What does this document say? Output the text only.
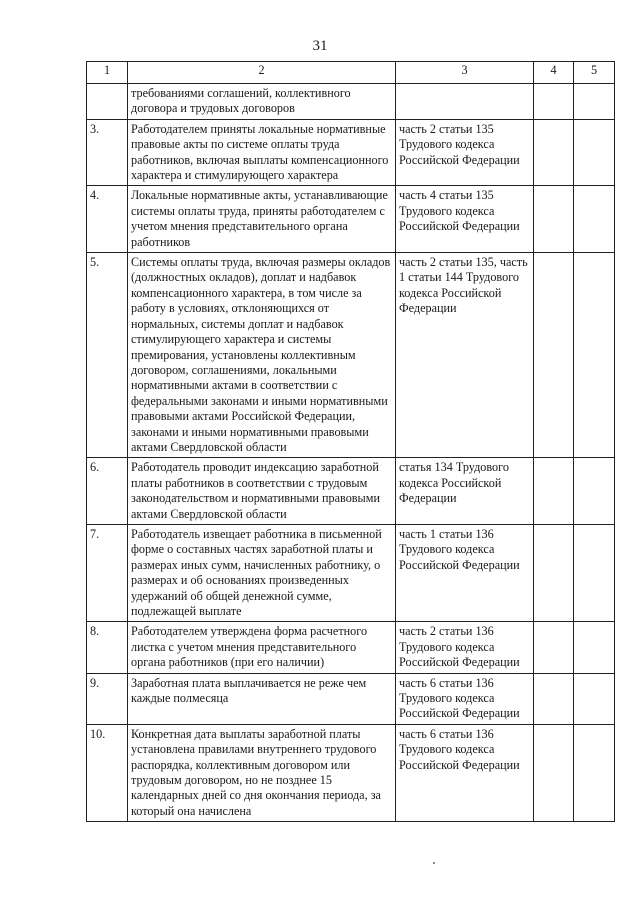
31
1	2	3	4	5
	требованиями соглашений, коллективного договора и трудовых договоров			
3.	Работодателем приняты локальные нормативные правовые акты по системе оплаты труда работников, включая выплаты компенсационного характера и стимулирующего характера	часть 2 статьи 135 Трудового кодекса Российской Федерации		
4.	Локальные нормативные акты, устанавливающие системы оплаты труда, приняты работодателем с учетом мнения представительного органа работников	часть 4 статьи 135 Трудового кодекса Российской Федерации		
5.	Системы оплаты труда, включая размеры окладов (должностных окладов), доплат и надбавок компенсационного характера, в том числе за работу в условиях, отклоняющихся от нормальных, системы доплат и надбавок стимулирующего характера и системы премирования, установлены коллективным договором, соглашениями, локальными нормативными актами в соответствии с федеральными законами и иными нормативными правовыми актами Российской Федерации, законами и иными нормативными правовыми актами Свердловской области	часть 2 статьи 135, часть 1 статьи 144 Трудового кодекса Российской Федерации		
6.	Работодатель проводит индексацию заработной платы работников в соответствии с трудовым законодательством и нормативными правовыми актами Свердловской области	статья 134 Трудового кодекса Российской Федерации		
7.	Работодатель извещает работника в письменной форме о составных частях заработной платы и размерах иных сумм, начисленных работнику, о размерах и об основаниях произведенных удержаний об общей денежной сумме, подлежащей выплате	часть 1 статьи 136 Трудового кодекса Российской Федерации		
8.	Работодателем утверждена форма расчетного листка с учетом мнения представительного органа работников (при его наличии)	часть 2 статьи 136 Трудового кодекса Российской Федерации		
9.	Заработная плата выплачивается не реже чем каждые полмесяца	часть 6 статьи 136 Трудового кодекса Российской Федерации		
10.	Конкретная дата выплаты заработной платы установлена правилами внутреннего трудового распорядка, коллективным договором или трудовым договором, но не позднее 15 календарных дней со дня окончания периода, за который она начислена	часть 6 статьи 136 Трудового кодекса Российской Федерации		
